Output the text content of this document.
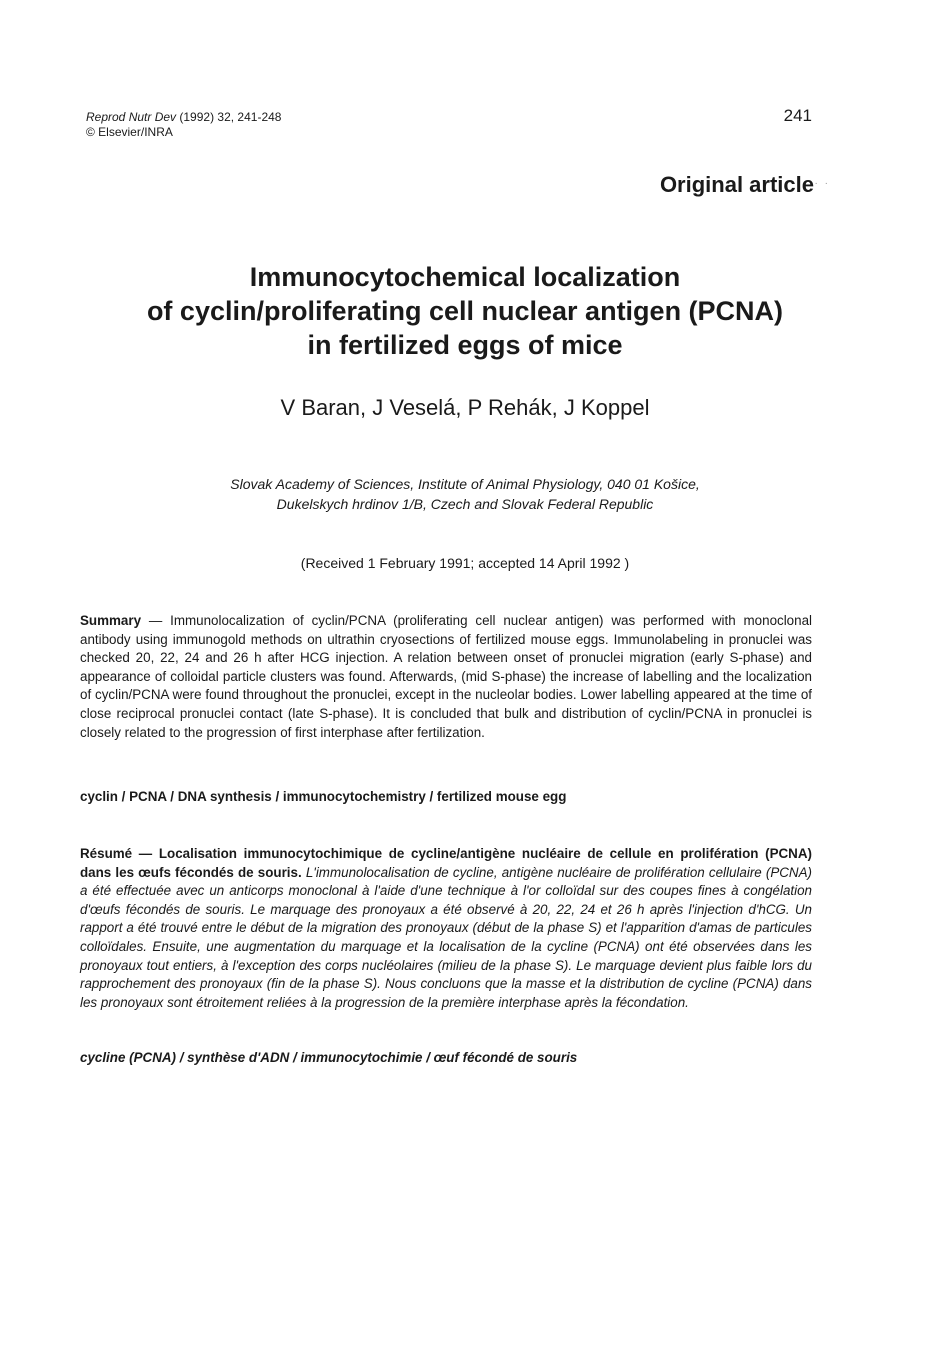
Reprod Nutr Dev (1992) 32, 241-248
© Elsevier/INRA
241
Original article · ·
Immunocytochemical localization
of cyclin/proliferating cell nuclear antigen (PCNA)
in fertilized eggs of mice
V Baran, J Veselá, P Rehák, J Koppel
Slovak Academy of Sciences, Institute of Animal Physiology, 040 01 Košice,
Dukelskych hrdinov 1/B, Czech and Slovak Federal Republic
(Received 1 February 1991; accepted 14 April 1992 )

Summary — Immunolocalization of cyclin/PCNA (proliferating cell nuclear antigen) was performed with monoclonal antibody using immunogold methods on ultrathin cryosections of fertilized mouse eggs. Immunolabeling in pronuclei was checked 20, 22, 24 and 26 h after HCG injection. A relation between onset of pronuclei migration (early S-phase) and appearance of colloidal particle clusters was found. Afterwards, (mid S-phase) the increase of labelling and the localization of cyclin/PCNA were found throughout the pronuclei, except in the nucleolar bodies. Lower labelling appeared at the time of close reciprocal pronuclei contact (late S-phase). It is concluded that bulk and distribution of cyclin/PCNA in pronuclei is closely related to the progression of first interphase after fertilization.

cyclin / PCNA / DNA synthesis / immunocytochemistry / fertilized mouse egg

Résumé — Localisation immunocytochimique de cycline/antigène nucléaire de cellule en prolifération (PCNA) dans les œufs fécondés de souris. L'immunolocalisation de cycline, antigène nucléaire de prolifération cellulaire (PCNA) a été effectuée avec un anticorps monoclonal à l'aide d'une technique à l'or colloïdal sur des coupes fines à congélation d'œufs fécondés de souris. Le marquage des pronoyaux a été observé à 20, 22, 24 et 26 h après l'injection d'hCG. Un rapport a été trouvé entre le début de la migration des pronoyaux (début de la phase S) et l'apparition d'amas de particules colloïdales. Ensuite, une augmentation du marquage et la localisation de la cycline (PCNA) ont été observées dans les pronoyaux tout entiers, à l'exception des corps nucléolaires (milieu de la phase S). Le marquage devient plus faible lors du rapprochement des pronoyaux (fin de la phase S). Nous concluons que la masse et la distribution de cycline (PCNA) dans les pronoyaux sont étroitement reliées à la progression de la première interphase après la fécondation.

cycline (PCNA) / synthèse d'ADN / immunocytochimie / œuf fécondé de souris
